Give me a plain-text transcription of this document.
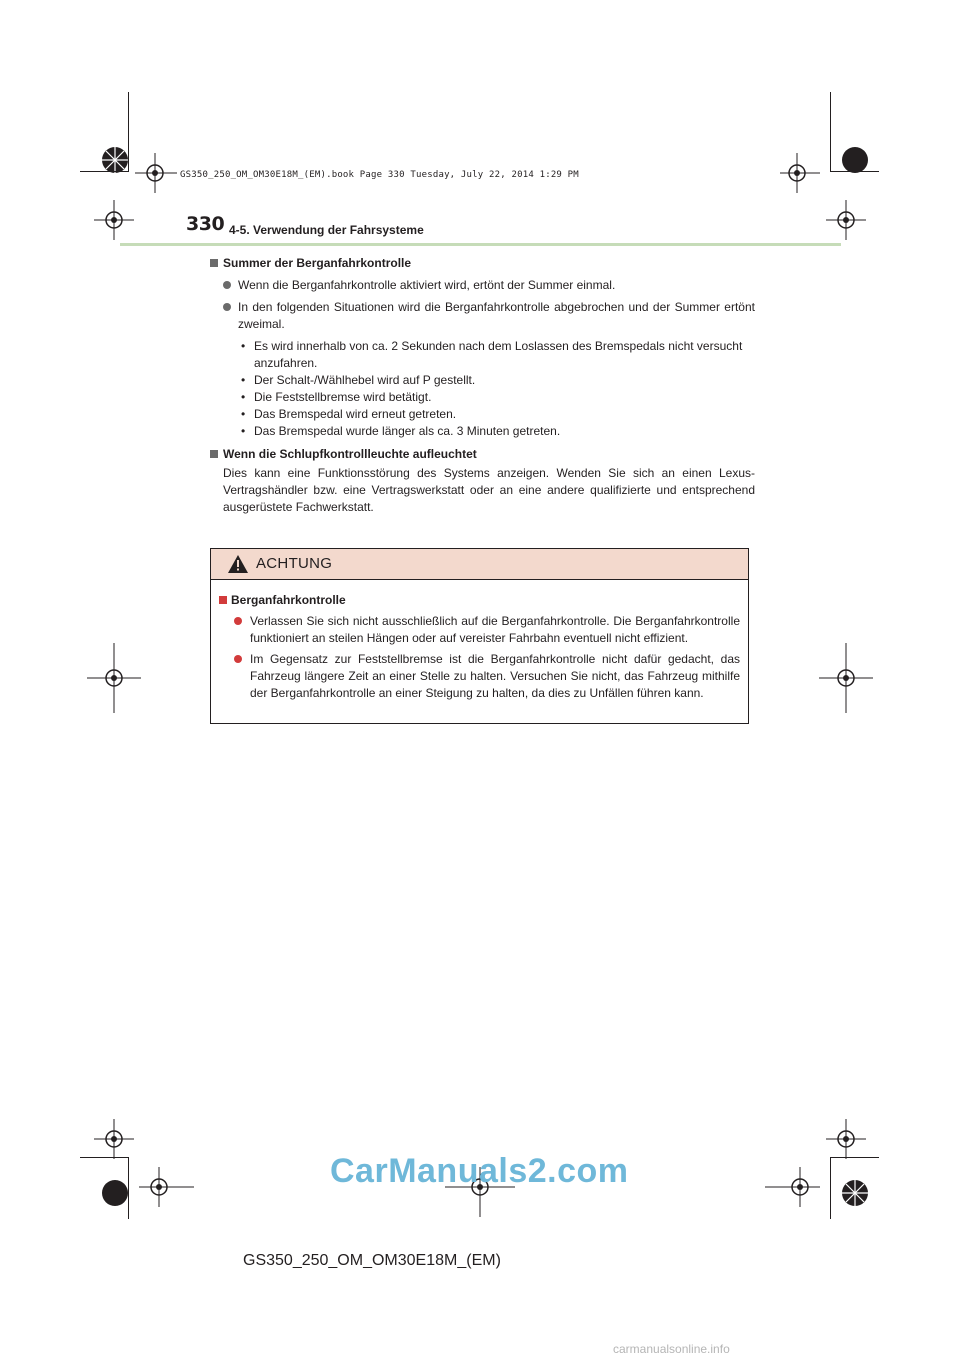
GS350_250_OM_OM30E18M_(EM).book Page 330 Tuesday, July 22, 2014 1:29 PM
330 4-5. Verwendung der Fahrsysteme
Summer der Berganfahrkontrolle
Wenn die Berganfahrkontrolle aktiviert wird, ertönt der Summer einmal.
In den folgenden Situationen wird die Berganfahrkontrolle abgebrochen und der Summer ertönt zweimal.
• Es wird innerhalb von ca. 2 Sekunden nach dem Loslassen des Bremspedals nicht versucht anzufahren.
• Der Schalt-/Wählhebel wird auf P gestellt.
• Die Feststellbremse wird betätigt.
• Das Bremspedal wird erneut getreten.
• Das Bremspedal wurde länger als ca. 3 Minuten getreten.
Wenn die Schlupfkontrollleuchte aufleuchtet
Dies kann eine Funktionsstörung des Systems anzeigen. Wenden Sie sich an einen Lexus-Vertragshändler bzw. eine Vertragswerkstatt oder an eine andere qualifizierte und entsprechend ausgerüstete Fachwerkstatt.
ACHTUNG
Berganfahrkontrolle
Verlassen Sie sich nicht ausschließlich auf die Berganfahrkontrolle. Die Berganfahrkontrolle funktioniert an steilen Hängen oder auf vereister Fahrbahn eventuell nicht effizient.
Im Gegensatz zur Feststellbremse ist die Berganfahrkontrolle nicht dafür gedacht, das Fahrzeug längere Zeit an einer Stelle zu halten. Versuchen Sie nicht, das Fahrzeug mithilfe der Berganfahrkontrolle an einer Steigung zu halten, da dies zu Unfällen führen kann.
CarManuals2.com
GS350_250_OM_OM30E18M_(EM)
carmanualsonline.info
